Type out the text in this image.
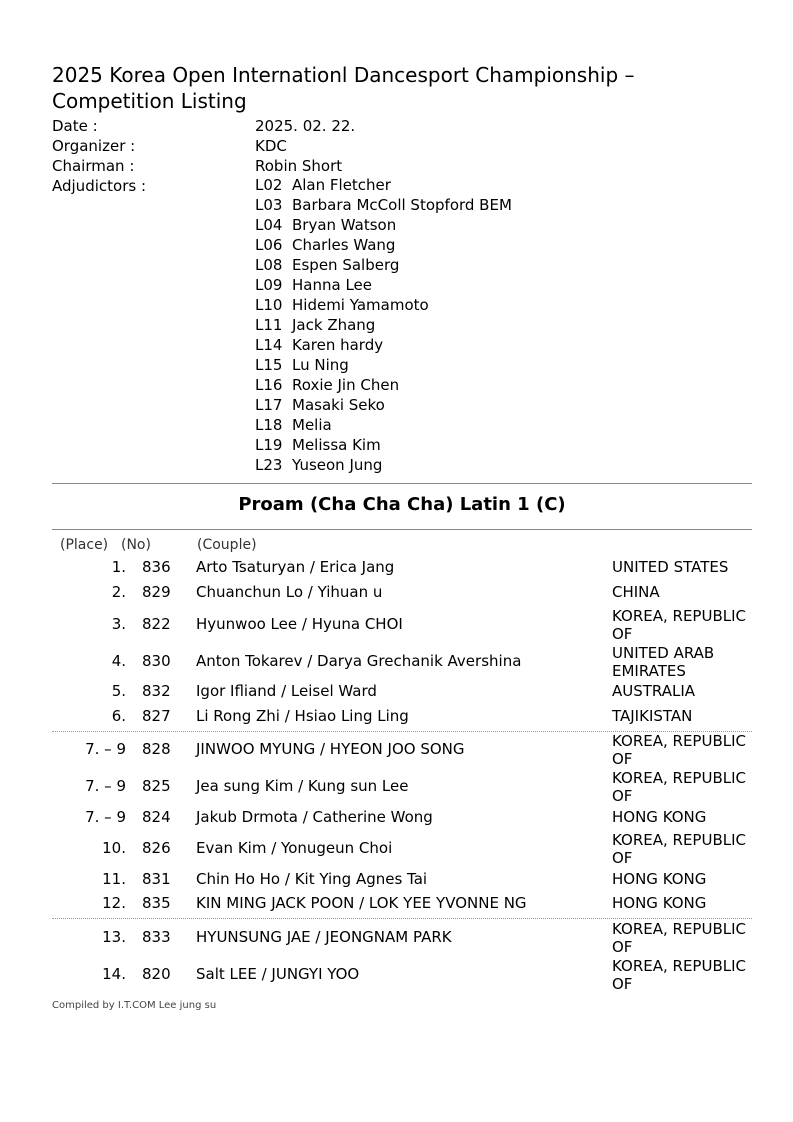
2025 Korea Open Internationl Dancesport Championship – Competition Listing
Date :	2025. 02. 22.
Organizer :	KDC
Chairman :	Robin Short
Adjudictors :	L02 Alan Fletcher
L03 Barbara McColl Stopford BEM
L04 Bryan Watson
L06 Charles Wang
L08 Espen Salberg
L09 Hanna Lee
L10 Hidemi Yamamoto
L11 Jack Zhang
L14 Karen hardy
L15 Lu Ning
L16 Roxie Jin Chen
L17 Masaki Seko
L18 Melia
L19 Melissa Kim
L23 Yuseon Jung
Proam (Cha Cha Cha) Latin 1 (C)
(Place) (No)	(Couple)
1. 836 Arto Tsaturyan / Erica Jang	UNITED STATES
2. 829 Chuanchun Lo / Yihuan u	CHINA
3. 822 Hyunwoo Lee / Hyuna CHOI	KOREA, REPUBLIC OF
4. 830 Anton Tokarev / Darya Grechanik Avershina	UNITED ARAB EMIRATES
5. 832 Igor Ifliand / Leisel Ward	AUSTRALIA
6. 827 Li Rong Zhi / Hsiao Ling Ling	TAJIKISTAN
7. – 9 828 JINWOO MYUNG / HYEON JOO SONG	KOREA, REPUBLIC OF
7. – 9 825 Jea sung Kim / Kung sun Lee	KOREA, REPUBLIC OF
7. – 9 824 Jakub Drmota / Catherine Wong	HONG KONG
10. 826 Evan Kim / Yonugeun Choi	KOREA, REPUBLIC OF
11. 831 Chin Ho Ho / Kit Ying Agnes Tai	HONG KONG
12. 835 KIN MING JACK POON / LOK YEE YVONNE NG	HONG KONG
13. 833 HYUNSUNG JAE / JEONGNAM PARK	KOREA, REPUBLIC OF
14. 820 Salt LEE / JUNGYI YOO	KOREA, REPUBLIC OF
Compiled by I.T.COM Lee jung su
